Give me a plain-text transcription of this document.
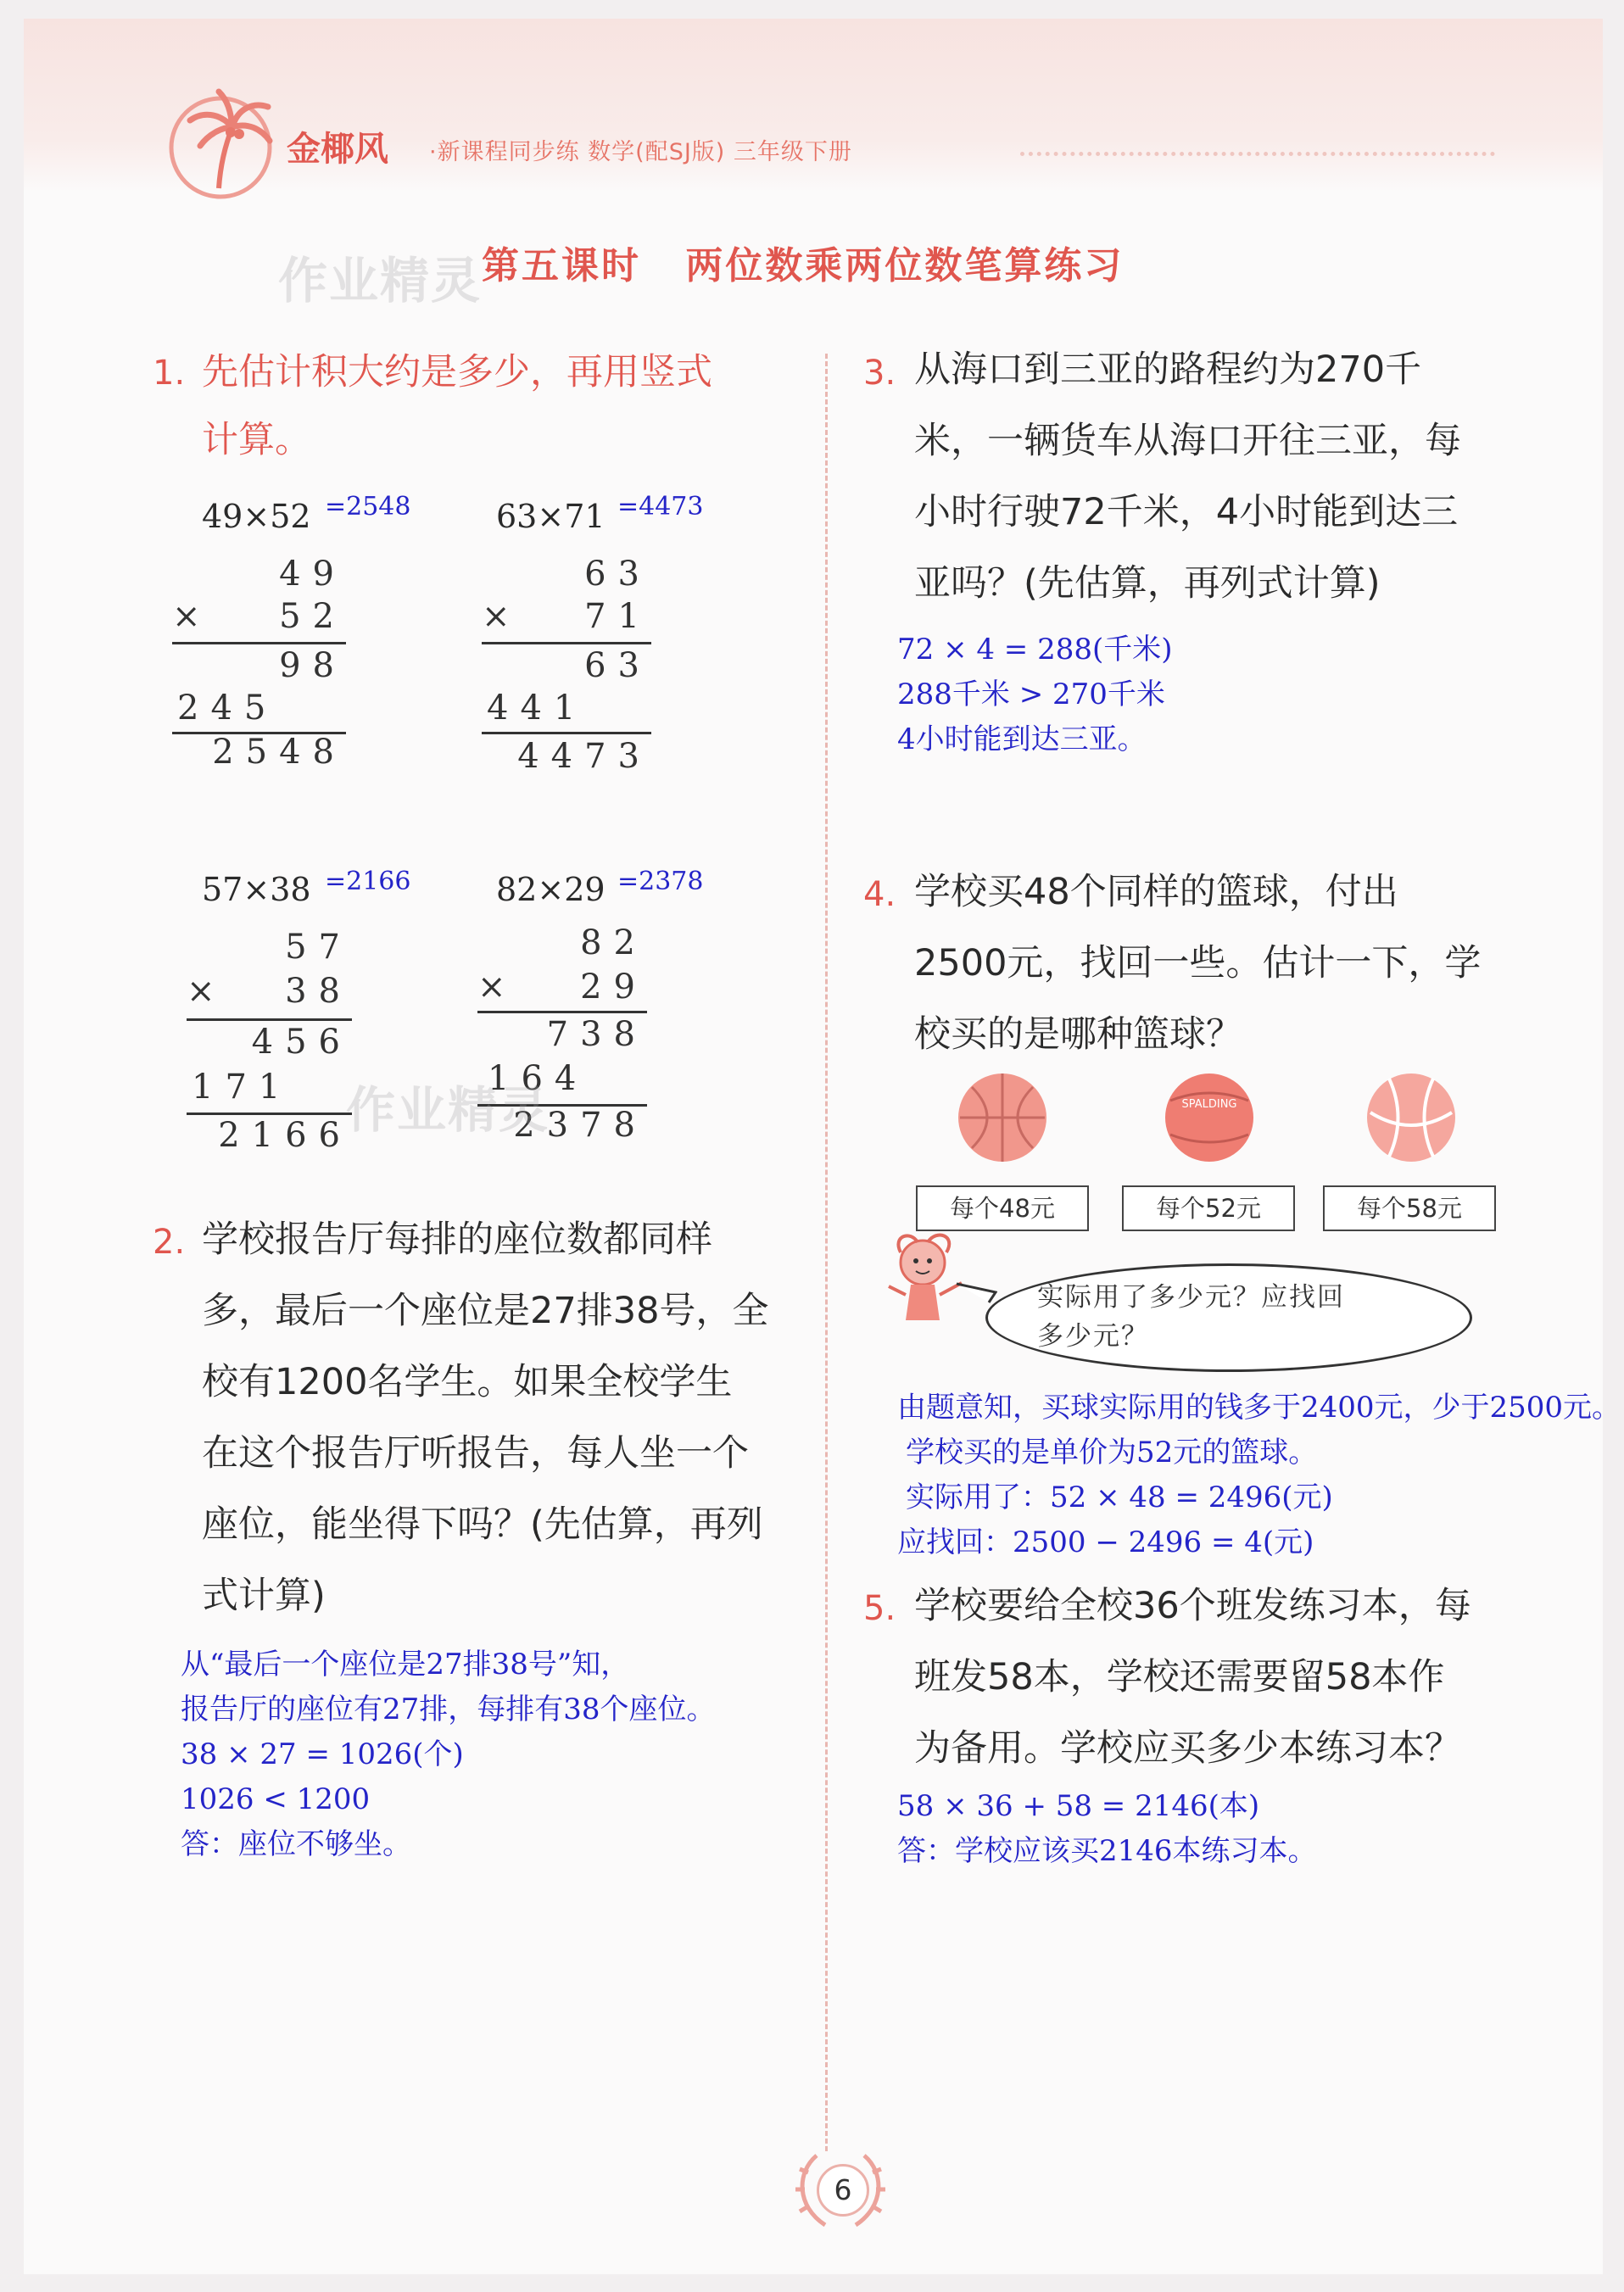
金椰风 ·新课程同步练 数学(配SJ版) 三年级下册
作业精灵 第五课时 两位数乘两位数笔算练习
1. 先估计积大约是多少，再用竖式
计算。
49×52 =2548
49
× 52
98
245
2548
63×71 =4473
63
× 71
63
441
4473
57×38 =2166
57
× 38
456
171
2166
82×29 =2378
82
× 29
738
164
2378
作业精灵
2. 学校报告厅每排的座位数都同样
多，最后一个座位是27排38号，全
校有1200名学生。如果全校学生
在这个报告厅听报告，每人坐一个
座位，能坐得下吗？(先估算，再列
式计算)
从“最后一个座位是27排38号”知，
报告厅的座位有27排，每排有38个座位。
38 × 27 = 1026(个)
1026 < 1200
答：座位不够坐。
3. 从海口到三亚的路程约为270千
米，一辆货车从海口开往三亚，每
小时行驶72千米，4小时能到达三
亚吗？(先估算，再列式计算)
72 × 4 = 288(千米)
288千米 > 270千米
4小时能到达三亚。
4. 学校买48个同样的篮球，付出
2500元，找回一些。估计一下，学
校买的是哪种篮球？
SPALDING
每个48元	每个52元	每个58元
实际用了多少元？应找回
多少元？
由题意知，买球实际用的钱多于2400元，少于2500元。
学校买的是单价为52元的篮球。
实际用了：52 × 48 = 2496(元)
应找回：2500 − 2496 = 4(元)
5. 学校要给全校36个班发练习本，每
班发58本，学校还需要留58本作
为备用。学校应买多少本练习本？
58 × 36 + 58 = 2146(本)
答：学校应该买2146本练习本。
6
